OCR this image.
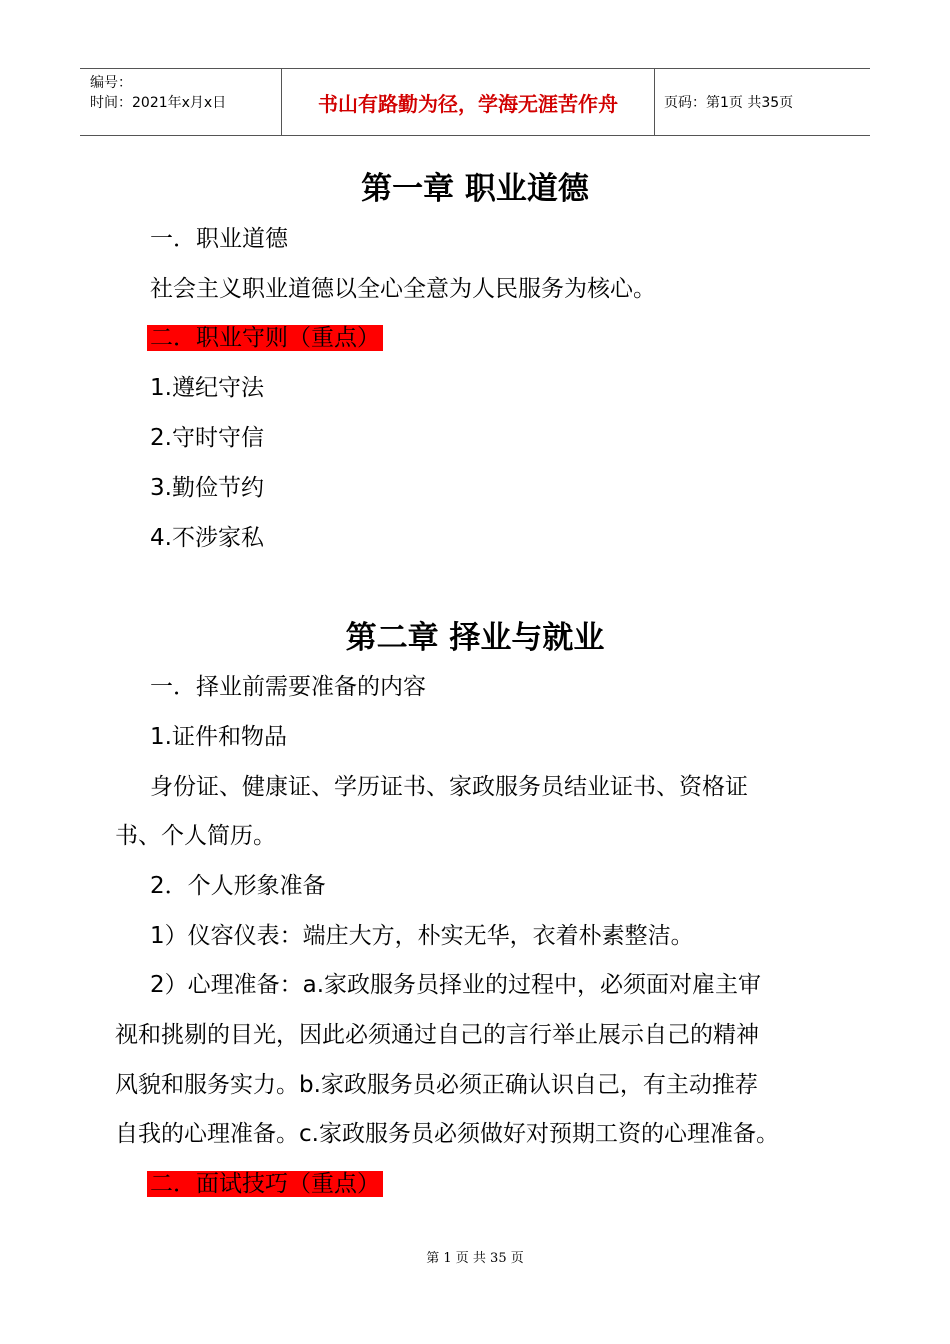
编号：
时间：2021年x月x日	书山有路勤为径，学海无涯苦作舟	页码：第1页 共35页
第一章 职业道德
一．职业道德
社会主义职业道德以全心全意为人民服务为核心。
二．职业守则（重点）
1.遵纪守法
2.守时守信
3.勤俭节约
4.不涉家私
第二章 择业与就业
一．择业前需要准备的内容
1.证件和物品
身份证、健康证、学历证书、家政服务员结业证书、资格证
书、个人简历。
2．个人形象准备
1）仪容仪表：端庄大方，朴实无华，衣着朴素整洁。
2）心理准备：a.家政服务员择业的过程中，必须面对雇主审
视和挑剔的目光，因此必须通过自己的言行举止展示自己的精神
风貌和服务实力。b.家政服务员必须正确认识自己，有主动推荐
自我的心理准备。c.家政服务员必须做好对预期工资的心理准备。
二．面试技巧（重点）
第 1 页 共 35 页
